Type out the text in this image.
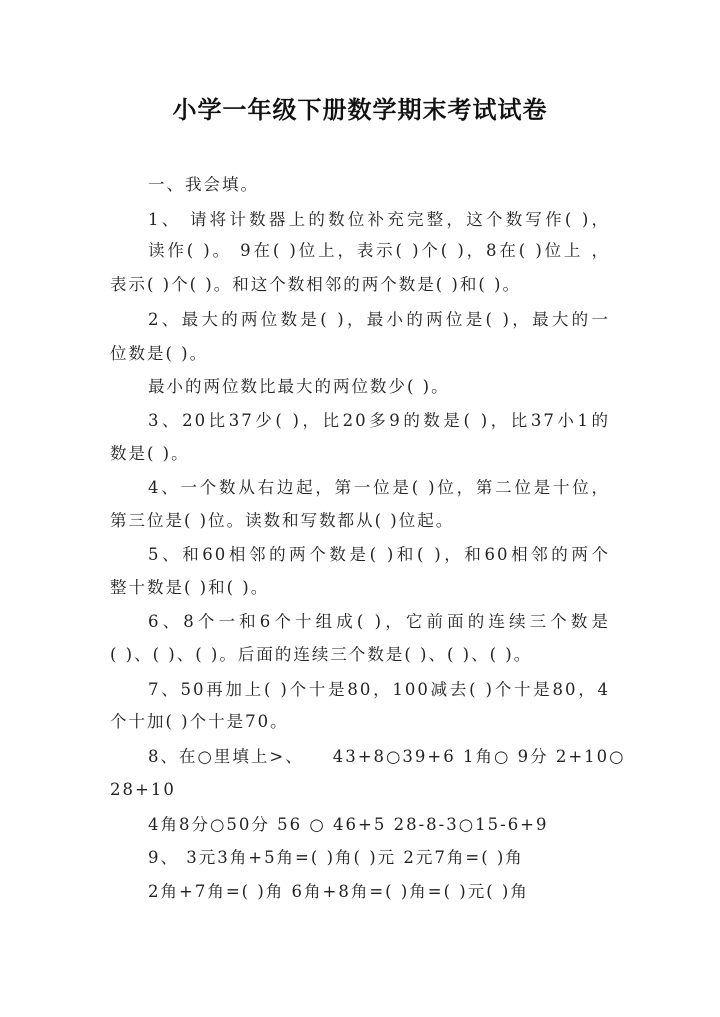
小学一年级下册数学期末考试试卷
一、我会填。
1、 请将计数器上的数位补充完整，这个数写作( )，
读作( )。 9在( )位上，表示( )个( )，8在( )位上 ，
表示( )个( )。和这个数相邻的两个数是( )和( )。
2、最大的两位数是( )，最小的两位是( )，最大的一
位数是( )。
最小的两位数比最大的两位数少( )。
3、20比37少( )，比20多9的数是( )，比37小1的
数是( )。
4、一个数从右边起，第一位是( )位，第二位是十位，
第三位是( )位。读数和写数都从( )位起。
5、和60相邻的两个数是( )和( )，和60相邻的两个
整十数是( )和( )。
6、8个一和6个十组成( )，它前面的连续三个数是
( )、( )、( )。后面的连续三个数是( )、( )、( )。
7、50再加上( )个十是80，100减去( )个十是80，4
个十加( )个十是70。
8、在○里填上>、    43+8○39+6 1角○ 9分 2+10○
28+10
4角8分○50分 56 ○ 46+5 28-8-3○15-6+9
9、 3元3角+5角=( )角( )元 2元7角=( )角
2角+7角=( )角 6角+8角=( )角=( )元( )角
